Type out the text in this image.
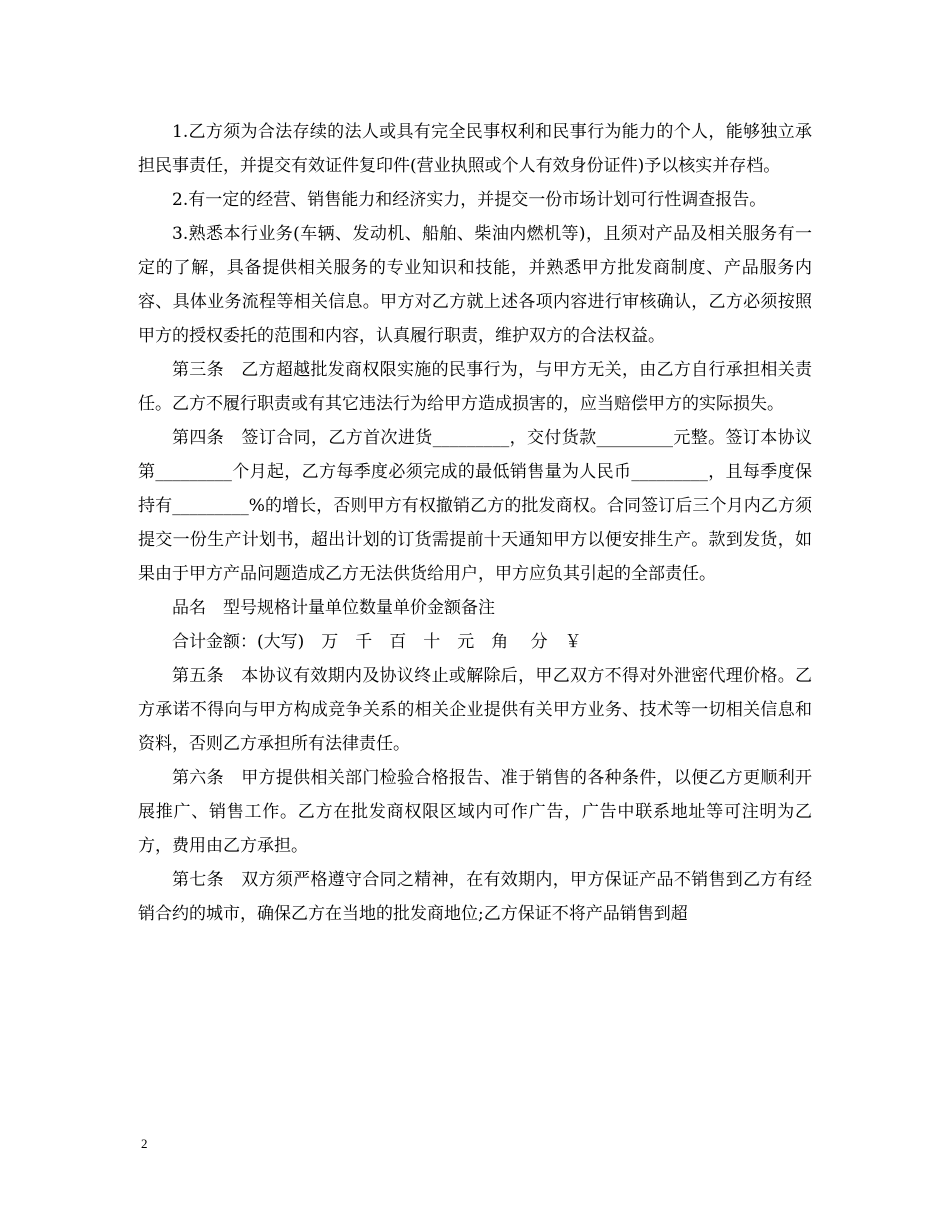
1.乙方须为合法存续的法人或具有完全民事权利和民事行为能力的个人，能够独立承担民事责任，并提交有效证件复印件(营业执照或个人有效身份证件)予以核实并存档。

2.有一定的经营、销售能力和经济实力，并提交一份市场计划可行性调查报告。

3.熟悉本行业务(车辆、发动机、船舶、柴油内燃机等)，且须对产品及相关服务有一定的了解，具备提供相关服务的专业知识和技能，并熟悉甲方批发商制度、产品服务内容、具体业务流程等相关信息。甲方对乙方就上述各项内容进行审核确认，乙方必须按照甲方的授权委托的范围和内容，认真履行职责，维护双方的合法权益。

第三条　乙方超越批发商权限实施的民事行为，与甲方无关，由乙方自行承担相关责任。乙方不履行职责或有其它违法行为给甲方造成损害的，应当赔偿甲方的实际损失。

第四条　签订合同，乙方首次进货_________，交付货款_________元整。签订本协议第_________个月起，乙方每季度必须完成的最低销售量为人民币_________，且每季度保持有_________%的增长，否则甲方有权撤销乙方的批发商权。合同签订后三个月内乙方须提交一份生产计划书，超出计划的订货需提前十天通知甲方以便安排生产。款到发货，如果由于甲方产品问题造成乙方无法供货给用户，甲方应负其引起的全部责任。

品名　型号规格计量单位数量单价金额备注

合计金额：(大写)　万　千　百　十　元　角　 分　￥

第五条　本协议有效期内及协议终止或解除后，甲乙双方不得对外泄密代理价格。乙方承诺不得向与甲方构成竞争关系的相关企业提供有关甲方业务、技术等一切相关信息和资料，否则乙方承担所有法律责任。

第六条　甲方提供相关部门检验合格报告、准于销售的各种条件，以便乙方更顺利开展推广、销售工作。乙方在批发商权限区域内可作广告，广告中联系地址等可注明为乙方，费用由乙方承担。

第七条　双方须严格遵守合同之精神，在有效期内，甲方保证产品不销售到乙方有经销合约的城市，确保乙方在当地的批发商地位;乙方保证不将产品销售到超

2
